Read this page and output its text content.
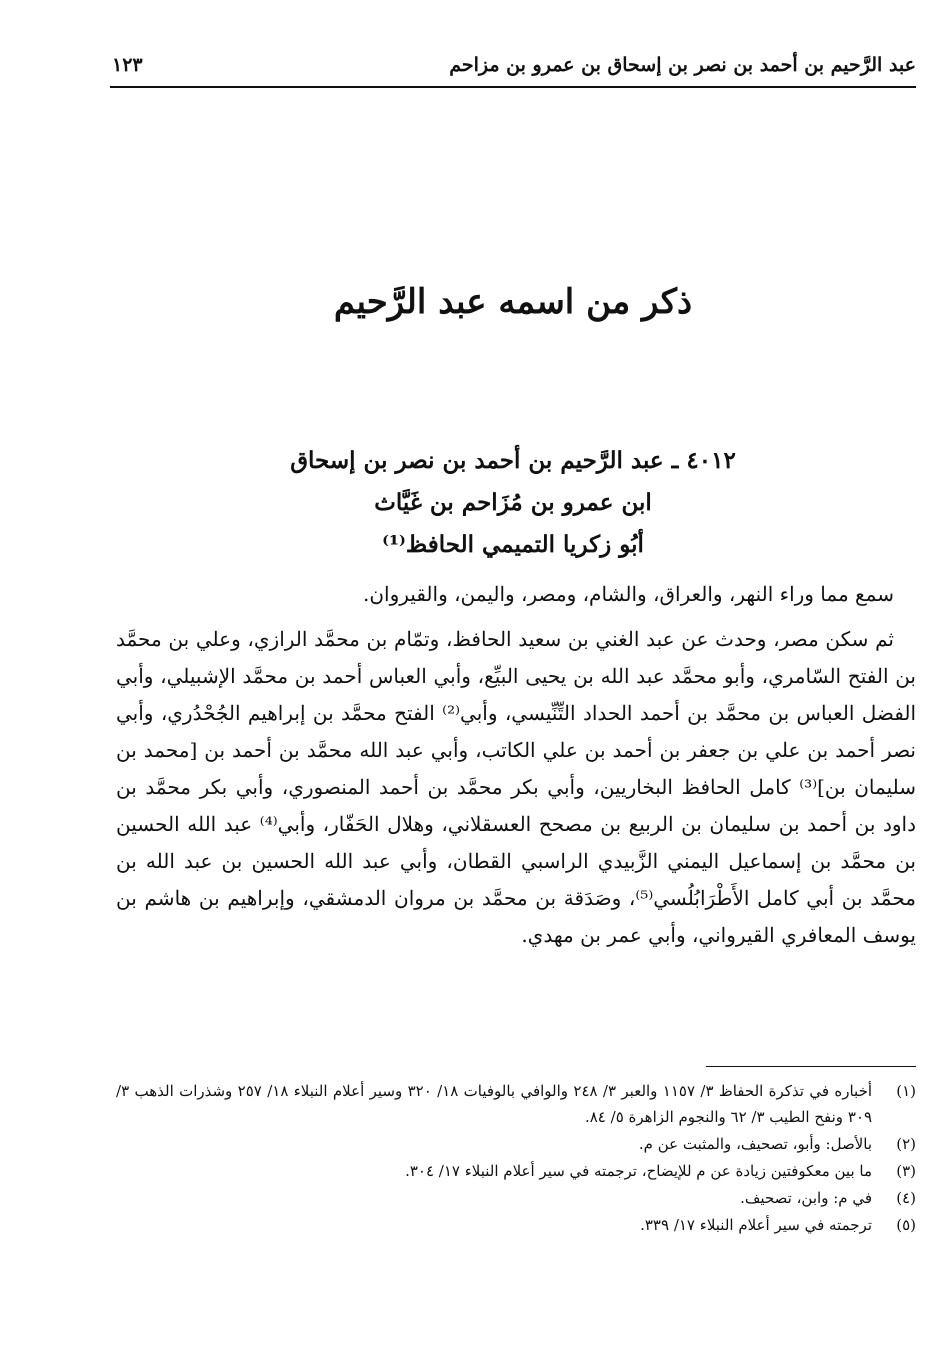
عبد الرَّحيم بن أحمد بن نصر بن إسحاق بن عمرو بن مزاحم
١٢٣
ذكر من اسمه عبد الرَّحيم
٤٠١٢ ـ عبد الرَّحيم بن أحمد بن نصر بن إسحاق
ابن عمرو بن مُزَاحم بن غَيَّاث
أبُو زكريا التميمي الحافظ⁽¹⁾

سمع مما وراء النهر، والعراق، والشام، ومصر، واليمن، والقيروان.

ثم سكن مصر، وحدث عن عبد الغني بن سعيد الحافظ، وتمّام بن محمَّد الرازي، وعلي بن محمَّد بن الفتح السّامري، وأبو محمَّد عبد الله بن يحيى البيِّع، وأبي العباس أحمد بن محمَّد الإشبيلي، وأبي الفضل العباس بن محمَّد بن أحمد الحداد التِّنِّيسي، وأبي⁽²⁾ الفتح محمَّد بن إبراهيم الجُحْدُري، وأبي نصر أحمد بن علي بن جعفر بن أحمد بن علي الكاتب، وأبي عبد الله محمَّد بن أحمد بن [محمد بن سليمان بن]⁽³⁾ كامل الحافظ البخاريين، وأبي بكر محمَّد بن أحمد المنصوري، وأبي بكر محمَّد بن داود بن أحمد بن سليمان بن الربيع بن مصحح العسقلاني، وهلال الحَفّار، وأبي⁽⁴⁾ عبد الله الحسين بن محمَّد بن إسماعيل اليمني الزَّبيدي الراسبي القطان، وأبي عبد الله الحسين بن عبد الله بن محمَّد بن أبي كامل الأَطْرَابُلُسي⁽⁵⁾، وصَدَقة بن محمَّد بن مروان الدمشقي، وإبراهيم بن هاشم بن يوسف المعافري القيرواني، وأبي عمر بن مهدي.

(١)
أخباره في تذكرة الحفاظ ٣/ ١١٥٧ والعبر ٣/ ٢٤٨ والوافي بالوفيات ١٨/ ٣٢٠ وسير أعلام النبلاء ١٨/ ٢٥٧ وشذرات الذهب ٣/ ٣٠٩ ونفح الطيب ٣/ ٦٢ والنجوم الزاهرة ٥/ ٨٤.
(٢)
بالأصل: وأبو، تصحيف، والمثبت عن م.
(٣)
ما بين معكوفتين زيادة عن م للإيضاح، ترجمته في سير أعلام النبلاء ١٧/ ٣٠٤.
(٤)
في م: وابن، تصحيف.
(٥)
ترجمته في سير أعلام النبلاء ١٧/ ٣٣٩.
